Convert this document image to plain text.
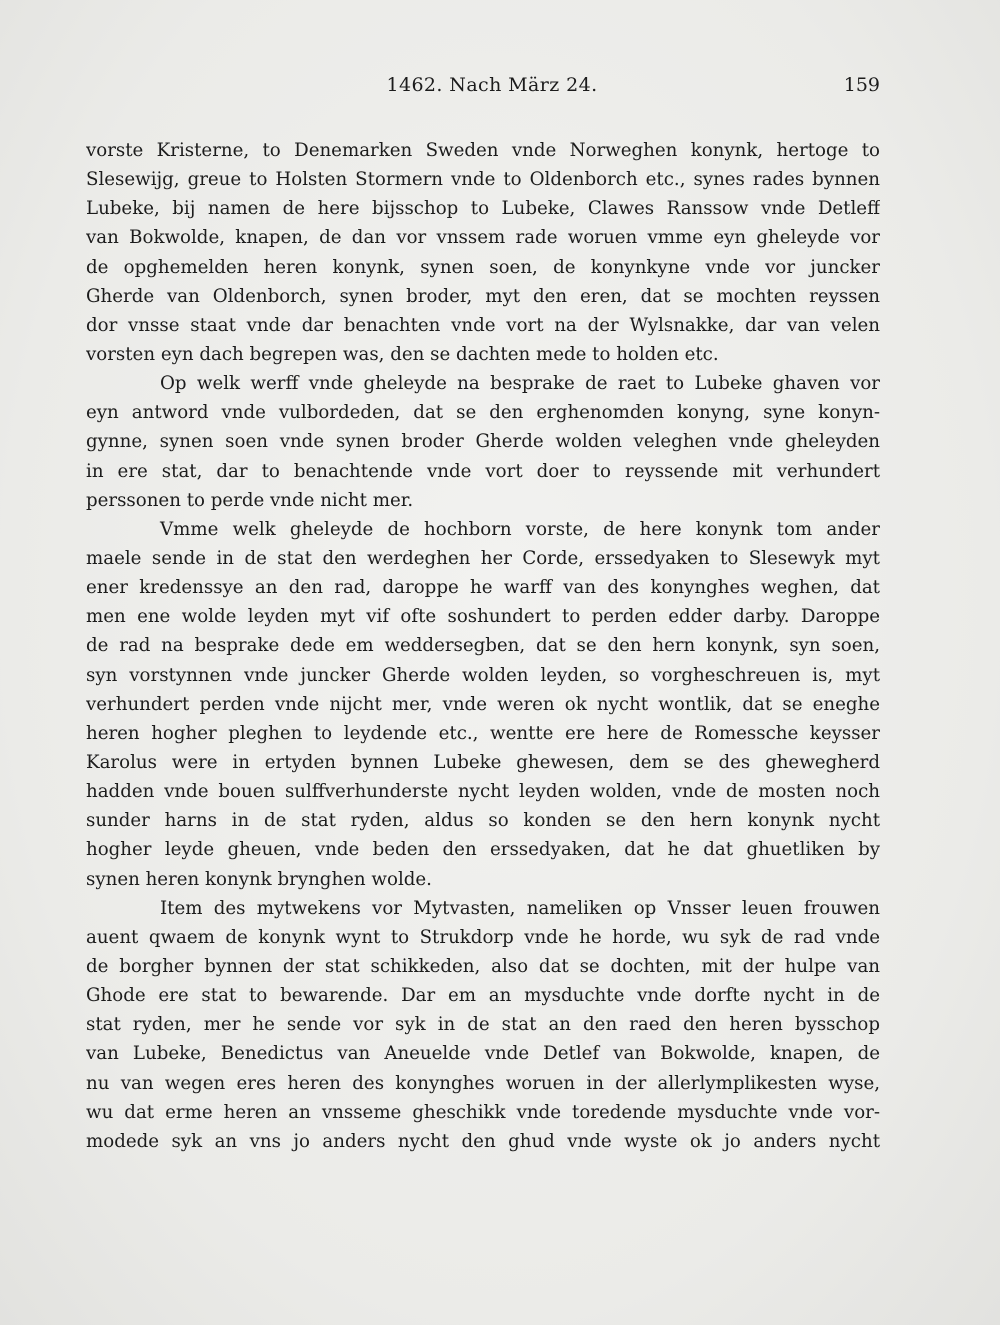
1462. Nach März 24.	159
vorste Kristerne, to Denemarken Sweden vnde Norweghen konynk, hertoge to
Slesewijg, greue to Holsten Stormern vnde to Oldenborch etc., synes rades bynnen
Lubeke, bij namen de here bijsschop to Lubeke, Clawes Ranssow vnde Detleff
van Bokwolde, knapen, de dan vor vnssem rade woruen vmme eyn gheleyde vor
de opghemelden heren konynk, synen soen, de konynkyne vnde vor juncker
Gherde van Oldenborch, synen broder, myt den eren, dat se mochten reyssen
dor vnsse staat vnde dar benachten vnde vort na der Wylsnakke, dar van velen
vorsten eyn dach begrepen was, den se dachten mede to holden etc.
Op welk werff vnde gheleyde na besprake de raet to Lubeke ghaven vor
eyn antword vnde vulbordeden, dat se den erghenomden konyng, syne konyn-
gynne, synen soen vnde synen broder Gherde wolden veleghen vnde gheleyden
in ere stat, dar to benachtende vnde vort doer to reyssende mit verhundert
perssonen to perde vnde nicht mer.
Vmme welk gheleyde de hochborn vorste, de here konynk tom ander
maele sende in de stat den werdeghen her Corde, erssedyaken to Slesewyk myt
ener kredenssye an den rad, daroppe he warff van des konynghes weghen, dat
men ene wolde leyden myt vif ofte soshundert to perden edder darby. Daroppe
de rad na besprake dede em weddersegben, dat se den hern konynk, syn soen,
syn vorstynnen vnde juncker Gherde wolden leyden, so vorgheschreuen is, myt
verhundert perden vnde nijcht mer, vnde weren ok nycht wontlik, dat se eneghe
heren hogher pleghen to leydende etc., wentte ere here de Romessche keysser
Karolus were in ertyden bynnen Lubeke ghewesen, dem se des ghewegherd
hadden vnde bouen sulffverhunderste nycht leyden wolden, vnde de mosten noch
sunder harns in de stat ryden, aldus so konden se den hern konynk nycht
hogher leyde gheuen, vnde beden den erssedyaken, dat he dat ghuetliken by
synen heren konynk brynghen wolde.
Item des mytwekens vor Mytvasten, nameliken op Vnsser leuen frouwen
auent qwaem de konynk wynt to Strukdorp vnde he horde, wu syk de rad vnde
de borgher bynnen der stat schikkeden, also dat se dochten, mit der hulpe van
Ghode ere stat to bewarende. Dar em an mysduchte vnde dorfte nycht in de
stat ryden, mer he sende vor syk in de stat an den raed den heren bysschop
van Lubeke, Benedictus van Aneuelde vnde Detlef van Bokwolde, knapen, de
nu van wegen eres heren des konynghes woruen in der allerlymplikesten wyse,
wu dat erme heren an vnsseme gheschikk vnde toredende mysduchte vnde vor-
modede syk an vns jo anders nycht den ghud vnde wyste ok jo anders nycht
